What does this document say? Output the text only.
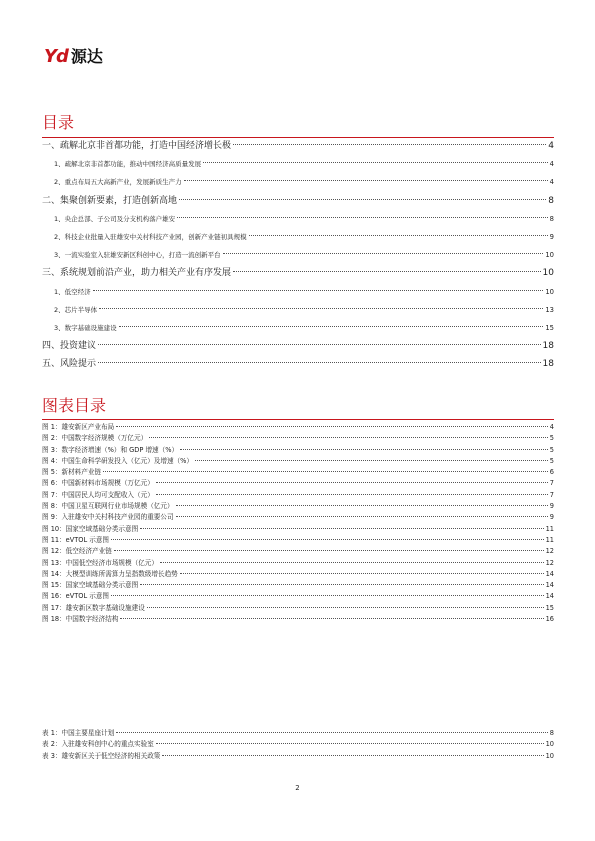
Yd 源达
目录
一、疏解北京非首都功能，打造中国经济增长极	4
1、疏解北京非首都功能，推动中国经济高质量发展	4
2、重点布局五大高新产业，发展新质生产力	4
二、集聚创新要素，打造创新高地	8
1、央企总部、子公司及分支机构落户雄安	8
2、科技企业批量入驻雄安中关村科技产业园，创新产业链初具规模	9
3、一流实验室入驻雄安新区科创中心，打造一流创新平台	10
三、系统规划前沿产业，助力相关产业有序发展	10
1、低空经济	10
2、芯片半导体	13
3、数字基础设施建设	15
四、投资建议	18
五、风险提示	18
图表目录
图 1：雄安新区产业布局	4
图 2：中国数字经济规模（万亿元）	5
图 3：数字经济增速（%）和 GDP 增速（%）	5
图 4：中国生命科学研发投入（亿元）及增速（%）	5
图 5：新材料产业链	6
图 6：中国新材料市场规模（万亿元）	7
图 7：中国居民人均可支配收入（元）	7
图 8：中国卫星互联网行业市场规模（亿元）	9
图 9：入驻雄安中关村科技产业园的重要公司	9
图 10：国家空域基础分类示意图	11
图 11：eVTOL 示意图	11
图 12：低空经济产业链	12
图 13：中国低空经济市场规模（亿元）	12
图 14：大模型训练所需算力呈指数级增长趋势	14
图 15：国家空域基础分类示意图	14
图 16：eVTOL 示意图	14
图 17：雄安新区数字基础设施建设	15
图 18：中国数字经济结构	16
表 1：中国主要星座计划	8
表 2：入驻雄安科创中心的重点实验室	10
表 3：雄安新区关于低空经济的相关政策	10
2
